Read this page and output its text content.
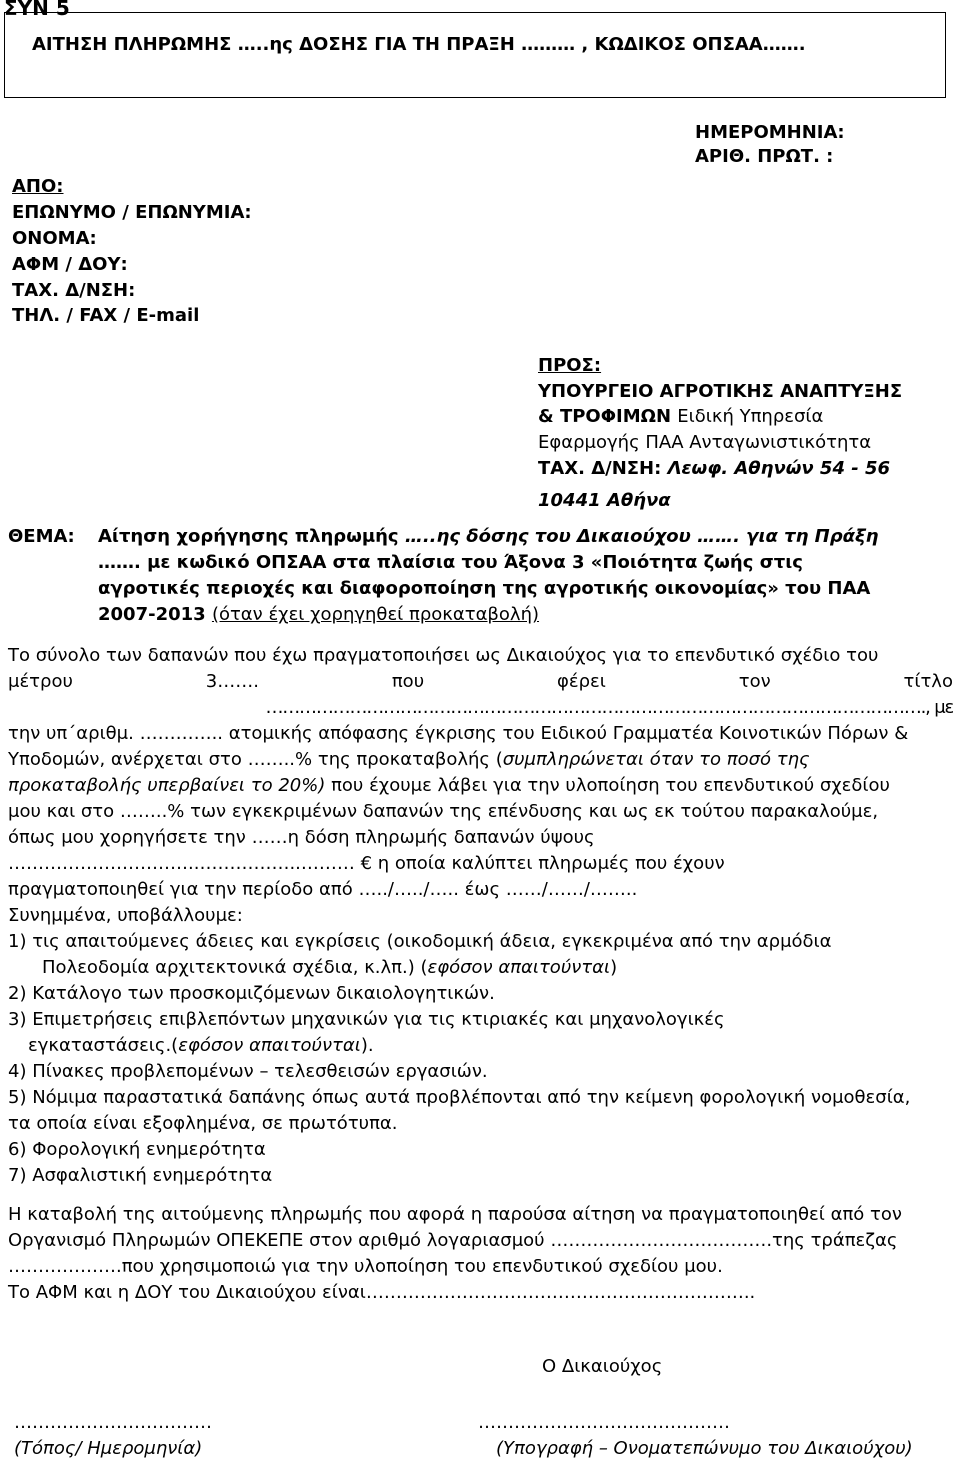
ΣΥΝ 5
ΑΙΤΗΣΗ ΠΛΗΡΩΜΗΣ …..ης ΔΟΣΗΣ ΓΙΑ ΤΗ ΠΡΑΞΗ ……… , ΚΩΔΙΚΟΣ ΟΠΣΑΑ…….
ΗΜΕΡΟΜΗΝΙΑ:
ΑΡΙΘ. ΠΡΩΤ. :
ΑΠΟ:
ΕΠΩΝΥΜΟ / ΕΠΩΝΥΜΙΑ:
ΟΝΟΜΑ:
ΑΦΜ / ΔΟΥ:
ΤΑΧ. Δ/ΝΣΗ:
ΤΗΛ. / FAX / E-mail
ΠΡΟΣ:
ΥΠΟΥΡΓΕΙΟ ΑΓΡΟΤΙΚΗΣ ΑΝΑΠΤΥΞΗΣ
& ΤΡΟΦΙΜΩΝ Ειδική Υπηρεσία
Εφαρμογής ΠΑΑ Ανταγωνιστικότητα
ΤΑΧ. Δ/ΝΣΗ: Λεωφ. Αθηνών 54 - 56
10441 Αθήνα
ΘΕΜΑ: Αίτηση χορήγησης πληρωμής …..ης δόσης του Δικαιούχου ……. για τη Πράξη
……. με κωδικό ΟΠΣΑΑ στα πλαίσια του Άξονα 3 «Ποιότητα ζωής στις
αγροτικές περιοχές και διαφοροποίηση της αγροτικής οικονομίας» του ΠΑΑ
2007-2013 (όταν έχει χορηγηθεί προκαταβολή)
Το σύνολο των δαπανών που έχω πραγματοποιήσει ως Δικαιούχος για το επενδυτικό σχέδιο του
μέτρου	3…….	που	φέρει	τον	τίτλο
………………………………………………………………………………………………………., με
την υπ΄αριθμ. ………….. ατομικής απόφασης έγκρισης του Ειδικού Γραμματέα Κοινοτικών Πόρων &
Υποδομών, ανέρχεται στο ……..% της προκαταβολής (συμπληρώνεται όταν το ποσό της
προκαταβολής υπερβαίνει το 20%) που έχουμε λάβει για την υλοποίηση του επενδυτικού σχεδίου
μου και στο ……..% των εγκεκριμένων δαπανών της επένδυσης και ως εκ τούτου παρακαλούμε,
όπως μου χορηγήσετε την ……η δόση πληρωμής δαπανών ύψους
…………………………..……………..……… € η οποία καλύπτει πληρωμές που έχουν
πραγματοποιηθεί για την περίοδο από …../…../….. έως ……/……/……..
Συνημμένα, υποβάλλουμε:
1) τις απαιτούμενες άδειες και εγκρίσεις (οικοδομική άδεια, εγκεκριμένα από την αρμόδια
Πολεοδομία αρχιτεκτονικά σχέδια, κ.λπ.) (εφόσον απαιτούνται)
2) Κατάλογο των προσκομιζόμενων δικαιολογητικών.
3) Επιμετρήσεις επιβλεπόντων μηχανικών για τις κτιριακές και μηχανολογικές
εγκαταστάσεις.(εφόσον απαιτούνται).
4) Πίνακες προβλεπομένων – τελεσθεισών εργασιών.
5) Νόμιμα παραστατικά δαπάνης όπως αυτά προβλέπονται από την κείμενη φορολογική νομοθεσία,
τα οποία είναι εξοφλημένα, σε πρωτότυπα.
6) Φορολογική ενημερότητα
7) Ασφαλιστική ενημερότητα
Η καταβολή της αιτούμενης πληρωμής που αφορά η παρούσα αίτηση να πραγματοποιηθεί από τον
Οργανισμό Πληρωμών ΟΠΕΚΕΠΕ στον αριθμό λογαριασμού ……………………………….της τράπεζας
……………….που χρησιμοποιώ για την υλοποίηση του επενδυτικού σχεδίου μου.
Το ΑΦΜ και η ΔΟΥ του Δικαιούχου είναι………………………………………………………..
Ο Δικαιούχος
……………………………	……………………………………
(Τόπος/ Ημερομηνία)	(Υπογραφή – Ονοματεπώνυμο του Δικαιούχου)
